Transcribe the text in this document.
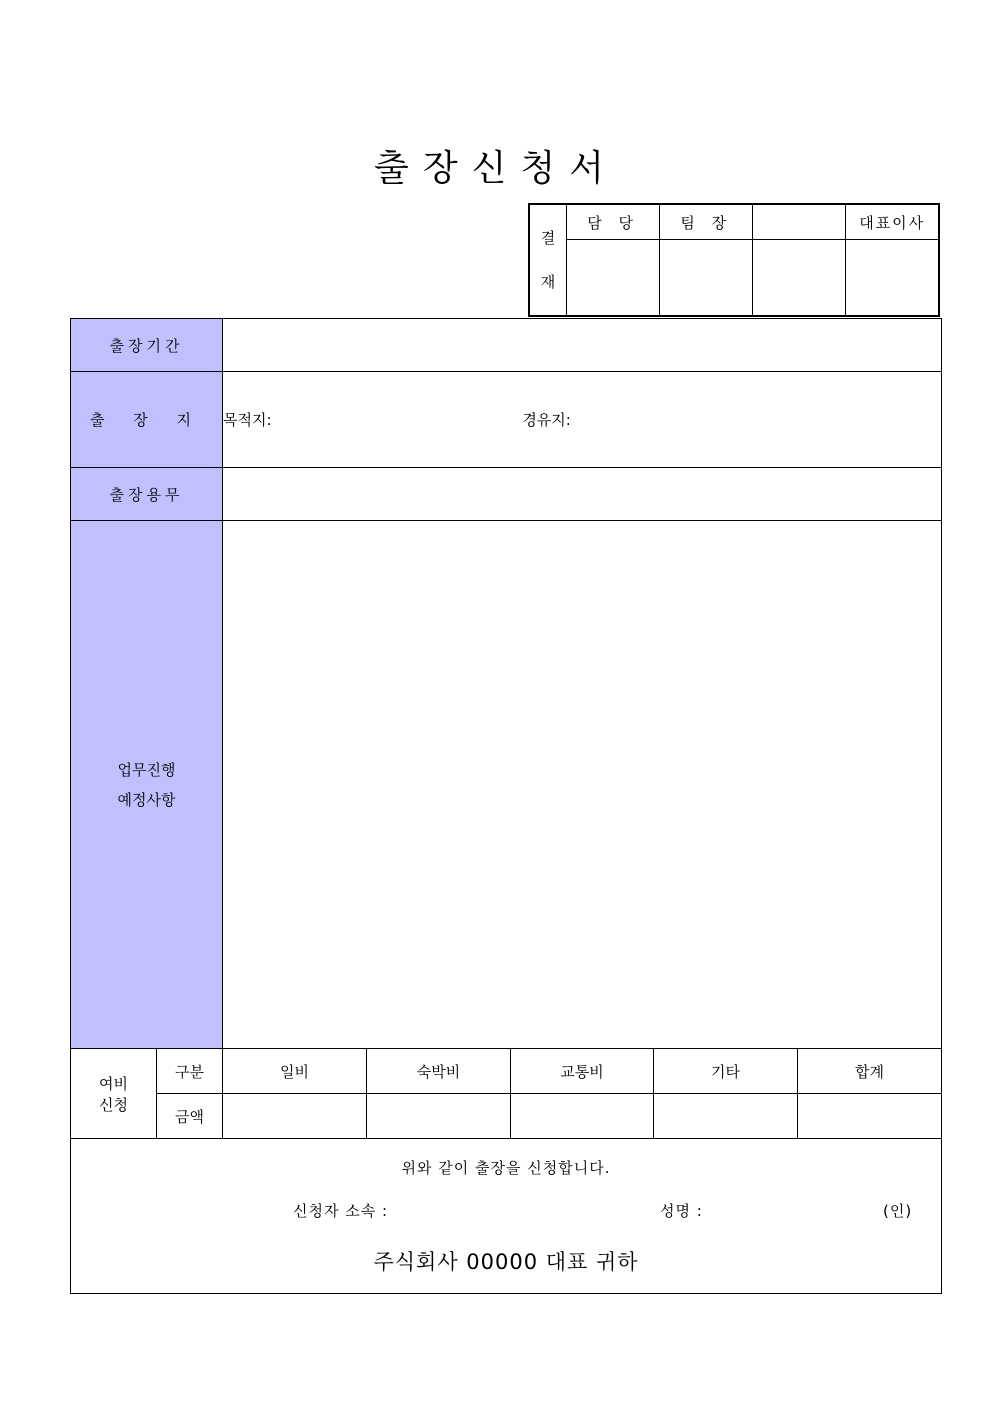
출장신청서
결
재	담 당	팀 장		대표이사

출장기간						
출 장 지		목적지: 경유지:				
출장용무						

업무진행
예정사항						

여비
신청	구분	일비	숙박비	교통비	기타	합계
	금액					

위와 같이 출장을 신청합니다.
신청자 소속 : 성명 : (인)
주식회사 00000 대표 귀하						
